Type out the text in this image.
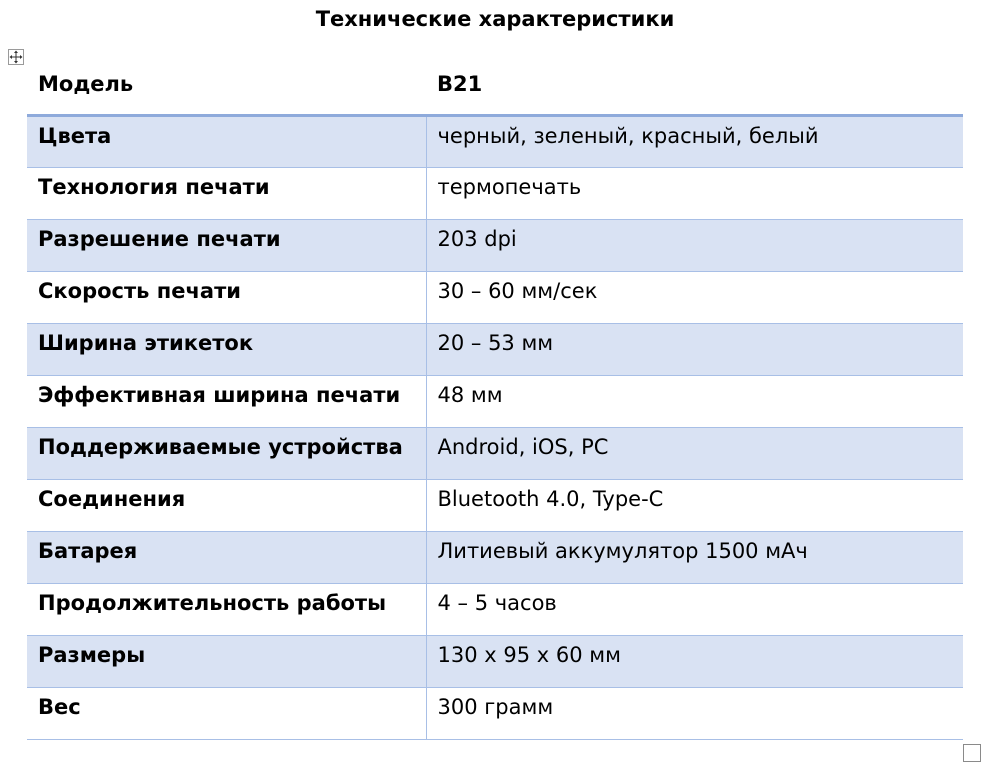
Технические характеристики
Модель	B21
Цвета	черный, зеленый, красный, белый
Технология печати	термопечать
Разрешение печати	203 dpi
Скорость печати	30 – 60 мм/сек
Ширина этикеток	20 – 53 мм
Эффективная ширина печати	48 мм
Поддерживаемые устройства	Android, iOS, PC
Соединения	Bluetooth 4.0, Type-C
Батарея	Литиевый аккумулятор 1500 мАч
Продолжительность работы	4 – 5 часов
Размеры	130 x 95 x 60 мм
Вес	300 грамм
